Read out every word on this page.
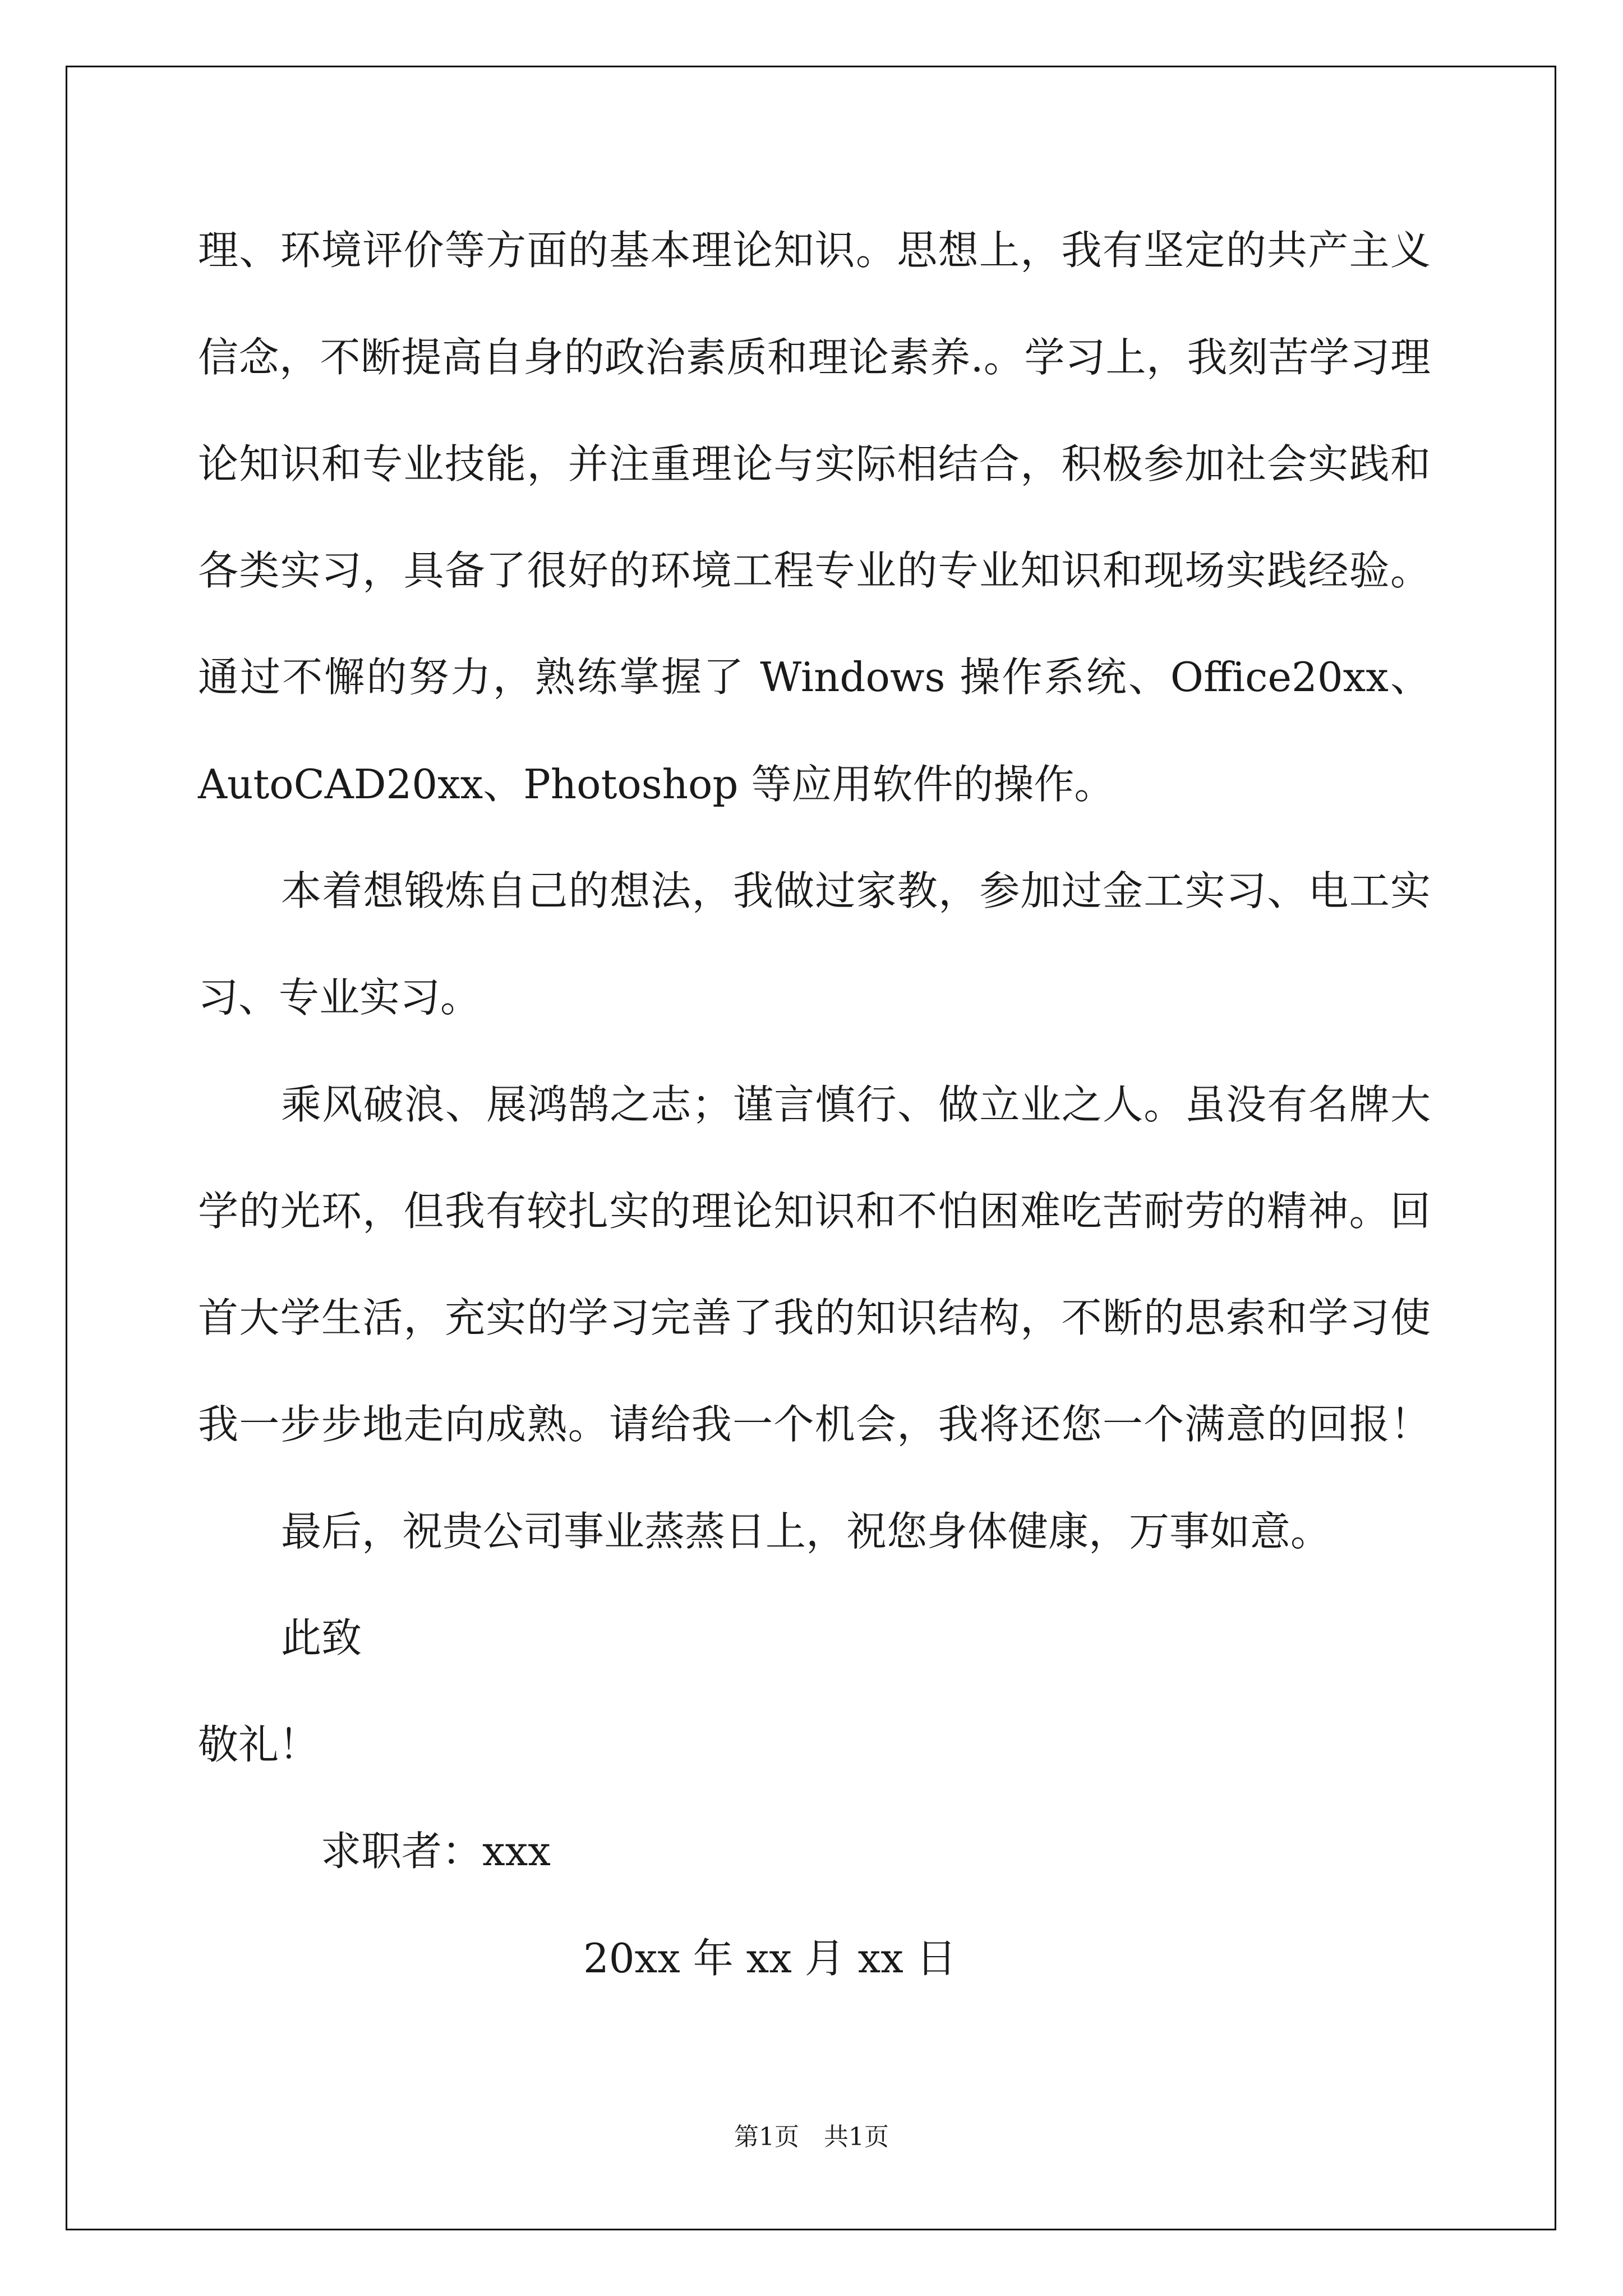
理、环境评价等方面的基本理论知识。思想上，我有坚定的共产主义
信念，不断提高自身的政治素质和理论素养.。学习上，我刻苦学习理
论知识和专业技能，并注重理论与实际相结合，积极参加社会实践和
各类实习，具备了很好的环境工程专业的专业知识和现场实践经验。
通过不懈的努力，熟练掌握了 Windows 操作系统、Office20xx、
AutoCAD20xx、Photoshop 等应用软件的操作。
本着想锻炼自己的想法，我做过家教，参加过金工实习、电工实
习、专业实习。
乘风破浪、展鸿鹄之志；谨言慎行、做立业之人。虽没有名牌大
学的光环，但我有较扎实的理论知识和不怕困难吃苦耐劳的精神。回
首大学生活，充实的学习完善了我的知识结构，不断的思索和学习使
我一步步地走向成熟。请给我一个机会，我将还您一个满意的回报！
最后，祝贵公司事业蒸蒸日上，祝您身体健康，万事如意。
此致
敬礼！
求职者：xxx
20xx 年 xx 月 xx 日
第1页　共1页
